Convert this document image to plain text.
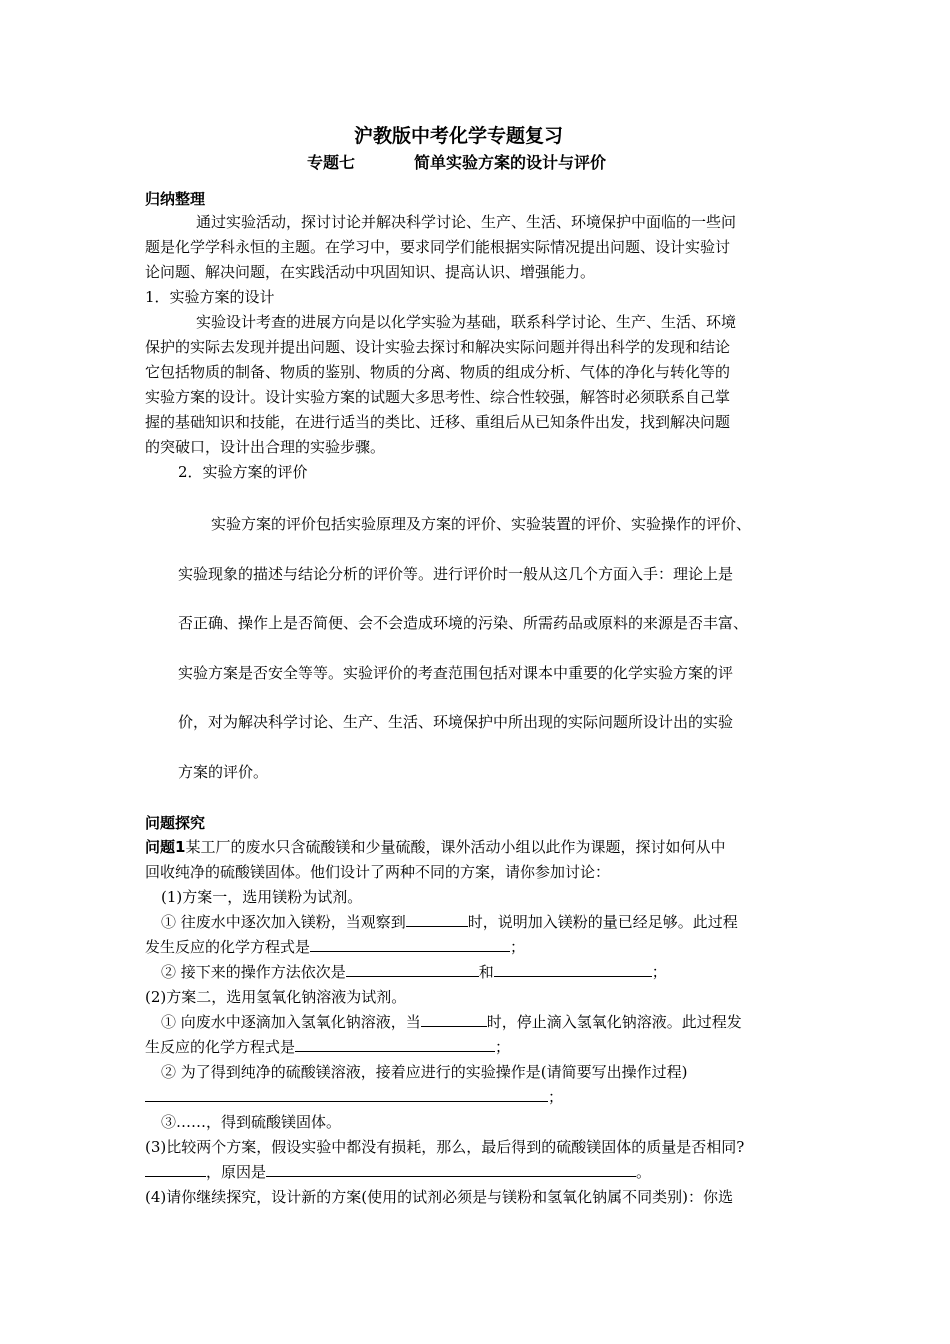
沪教版中考化学专题复习
专题七	简单实验方案的设计与评价
归纳整理
通过实验活动，探讨讨论并解决科学讨论、生产、生活、环境保护中面临的一些问
题是化学学科永恒的主题。在学习中，要求同学们能根据实际情况提出问题、设计实验讨
论问题、解决问题，在实践活动中巩固知识、提高认识、增强能力。
1．实验方案的设计
实验设计考查的进展方向是以化学实验为基础，联系科学讨论、生产、生活、环境
保护的实际去发现并提出问题、设计实验去探讨和解决实际问题并得出科学的发现和结论
它包括物质的制备、物质的鉴别、物质的分离、物质的组成分析、气体的净化与转化等的
实验方案的设计。设计实验方案的试题大多思考性、综合性较强，解答时必须联系自己掌
握的基础知识和技能，在进行适当的类比、迁移、重组后从已知条件出发，找到解决问题
的突破口，设计出合理的实验步骤。
2．实验方案的评价
实验方案的评价包括实验原理及方案的评价、实验装置的评价、实验操作的评价、
实验现象的描述与结论分析的评价等。进行评价时一般从这几个方面入手：理论上是
否正确、操作上是否简便、会不会造成环境的污染、所需药品或原料的来源是否丰富、
实验方案是否安全等等。实验评价的考查范围包括对课本中重要的化学实验方案的评
价，对为解决科学讨论、生产、生活、环境保护中所出现的实际问题所设计出的实验
方案的评价。
问题探究
问题1某工厂的废水只含硫酸镁和少量硫酸，课外活动小组以此作为课题，探讨如何从中
回收纯净的硫酸镁固体。他们设计了两种不同的方案，请你参加讨论：
(1)方案一，选用镁粉为试剂。
① 往废水中逐次加入镁粉，当观察到	时，说明加入镁粉的量已经足够。此过程
发生反应的化学方程式是	；
② 接下来的操作方法依次是	和	；
(2)方案二，选用氢氧化钠溶液为试剂。
① 向废水中逐滴加入氢氧化钠溶液，当	时，停止滴入氢氧化钠溶液。此过程发
生反应的化学方程式是	；
② 为了得到纯净的硫酸镁溶液，接着应进行的实验操作是(请简要写出操作过程)
；
③……，得到硫酸镁固体。
(3)比较两个方案，假设实验中都没有损耗，那么，最后得到的硫酸镁固体的质量是否相同?
，原因是	。
(4)请你继续探究，设计新的方案(使用的试剂必须是与镁粉和氢氧化钠属不同类别)：你选
